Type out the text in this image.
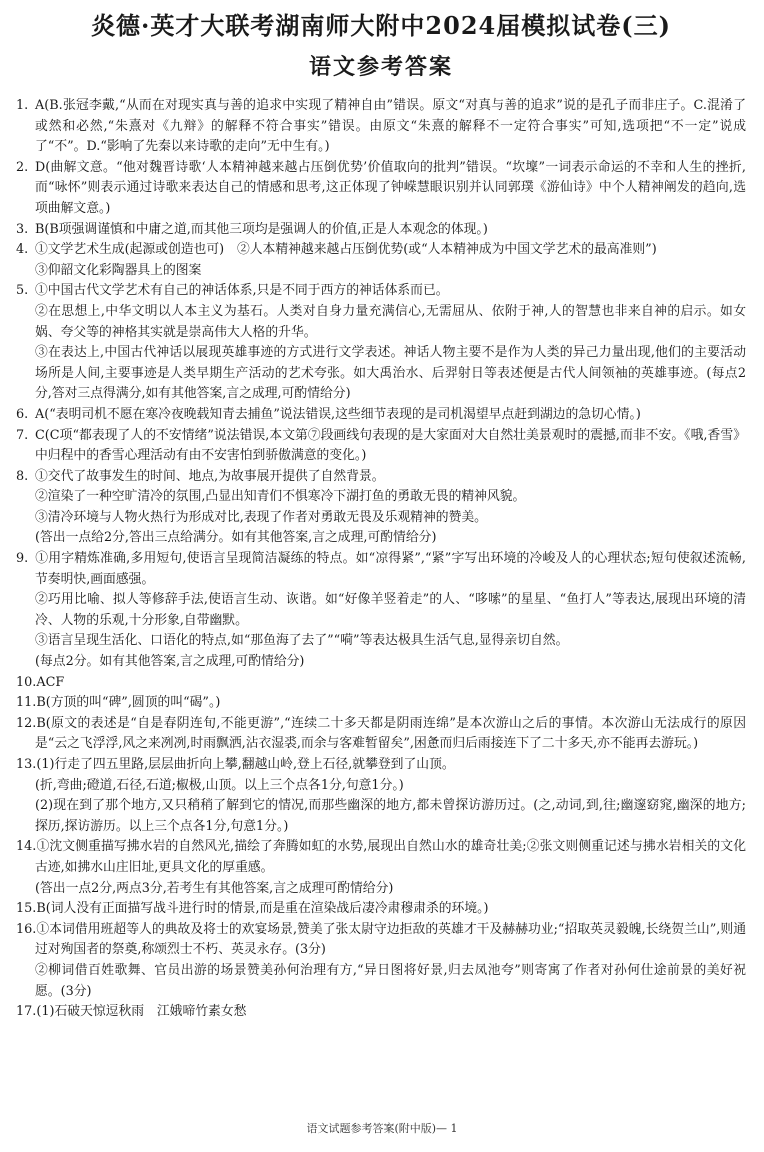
炎德·英才大联考湖南师大附中2024届模拟试卷(三)
语文参考答案

1. A(B.张冠李戴,“从而在对现实真与善的追求中实现了精神自由”错误。原文“对真与善的追求”说的是孔子而非庄子。C.混淆了或然和必然,“朱熹对《九辩》的解释不符合事实”错误。由原文“朱熹的解释不一定符合事实”可知,选项把“不一定”说成了“不”。D.“影响了先秦以来诗歌的走向”无中生有。)

2. D(曲解文意。“他对魏晋诗歌‘人本精神越来越占压倒优势’价值取向的批判”错误。“坎壈”一词表示命运的不幸和人生的挫折,而“咏怀”则表示通过诗歌来表达自己的情感和思考,这正体现了钟嵘慧眼识别并认同郭璞《游仙诗》中个人精神阐发的趋向,选项曲解文意。)

3. B(B项强调谨慎和中庸之道,而其他三项均是强调人的价值,正是人本观念的体现。)

4. ①文学艺术生成(起源或创造也可)　②人本精神越来越占压倒优势(或“人本精神成为中国文学艺术的最高准则”)

③仰韶文化彩陶器具上的图案

5. ①中国古代文学艺术有自己的神话体系,只是不同于西方的神话体系而已。

②在思想上,中华文明以人本主义为基石。人类对自身力量充满信心,无需屈从、依附于神,人的智慧也非来自神的启示。如女娲、夸父等的神格其实就是崇高伟大人格的升华。

③在表达上,中国古代神话以展现英雄事迹的方式进行文学表述。神话人物主要不是作为人类的异己力量出现,他们的主要活动场所是人间,主要事迹是人类早期生产活动的艺术夸张。如大禹治水、后羿射日等表述便是古代人间领袖的英雄事迹。(每点2分,答对三点得满分,如有其他答案,言之成理,可酌情给分)

6. A(“表明司机不愿在寒冷夜晚载知青去捕鱼”说法错误,这些细节表现的是司机渴望早点赶到湖边的急切心情。)

7. C(C项“都表现了人的不安情绪”说法错误,本文第⑦段画线句表现的是大家面对大自然壮美景观时的震撼,而非不安。《哦,香雪》中归程中的香雪心理活动有由不安害怕到骄傲满意的变化。)

8. ①交代了故事发生的时间、地点,为故事展开提供了自然背景。

②渲染了一种空旷清冷的氛围,凸显出知青们不惧寒冷下湖打鱼的勇敢无畏的精神风貌。

③清冷环境与人物火热行为形成对比,表现了作者对勇敢无畏及乐观精神的赞美。

(答出一点给2分,答出三点给满分。如有其他答案,言之成理,可酌情给分)

9. ①用字精炼准确,多用短句,使语言呈现简洁凝练的特点。如“凉得紧”,“紧”字写出环境的冷峻及人的心理状态;短句使叙述流畅,节奏明快,画面感强。

②巧用比喻、拟人等修辞手法,使语言生动、诙谐。如“好像羊竖着走”的人、“哆嗦”的星星、“鱼打人”等表达,展现出环境的清冷、人物的乐观,十分形象,自带幽默。

③语言呈现生活化、口语化的特点,如“那鱼海了去了”“嗬”等表达极具生活气息,显得亲切自然。

(每点2分。如有其他答案,言之成理,可酌情给分)

10.ACF

11.B(方顶的叫“碑”,圆顶的叫“碣”。)

12.B(原文的表述是“自是春阴连旬,不能更游”,“连续二十多天都是阴雨连绵”是本次游山之后的事情。本次游山无法成行的原因是“云之飞浮浮,风之来冽冽,时雨飘洒,沾衣湿裘,而余与客难暂留矣”,困惫而归后雨接连下了二十多天,亦不能再去游玩。)

13.(1)行走了四五里路,层层曲折向上攀,翻越山岭,登上石径,就攀登到了山顶。

(折,弯曲;磴道,石径,石道;椒极,山顶。以上三个点各1分,句意1分。)

(2)现在到了那个地方,又只稍稍了解到它的情况,而那些幽深的地方,都未曾探访游历过。(之,动词,到,往;幽邃窈窕,幽深的地方;探历,探访游历。以上三个点各1分,句意1分。)

14.①沈文侧重描写拂水岩的自然风光,描绘了奔腾如虹的水势,展现出自然山水的雄奇壮美;②张文则侧重记述与拂水岩相关的文化古迹,如拂水山庄旧址,更具文化的厚重感。

(答出一点2分,两点3分,若考生有其他答案,言之成理可酌情给分)

15.B(词人没有正面描写战斗进行时的情景,而是重在渲染战后凄冷肃穆肃杀的环境。)

16.①本词借用班超等人的典故及将士的欢宴场景,赞美了张太尉守边拒敌的英雄才干及赫赫功业;“招取英灵毅魄,长绕贺兰山”,则通过对殉国者的祭奠,称颂烈士不朽、英灵永存。(3分)

②柳词借百姓歌舞、官员出游的场景赞美孙何治理有方,“异日图将好景,归去凤池夸”则寄寓了作者对孙何仕途前景的美好祝愿。(3分)

17.(1)石破天惊逗秋雨　江娥啼竹素女愁

语文试题参考答案(附中版)— 1
